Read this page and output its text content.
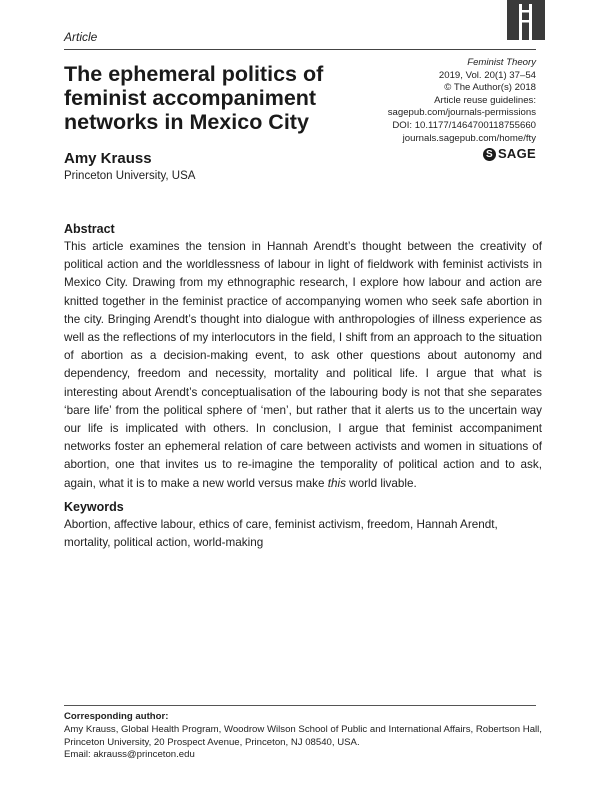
Article
The ephemeral politics of feminist accompaniment networks in Mexico City
Feminist Theory
2019, Vol. 20(1) 37–54
© The Author(s) 2018
Article reuse guidelines:
sagepub.com/journals-permissions
DOI: 10.1177/1464700118755660
journals.sagepub.com/home/fty
S SAGE
Amy Krauss
Princeton University, USA
Abstract

This article examines the tension in Hannah Arendt’s thought between the creativity of political action and the worldlessness of labour in light of fieldwork with feminist activists in Mexico City. Drawing from my ethnographic research, I explore how labour and action are knitted together in the feminist practice of accompanying women who seek safe abortion in the city. Bringing Arendt’s thought into dialogue with anthropologies of illness experience as well as the reflections of my interlocutors in the field, I shift from an approach to the situation of abortion as a decision-making event, to ask other questions about autonomy and dependency, freedom and necessity, mortality and political life. I argue that what is interesting about Arendt’s conceptualisation of the labouring body is not that she separates ‘bare life’ from the political sphere of ‘men’, but rather that it alerts us to the uncertain way our life is implicated with others. In conclusion, I argue that feminist accompaniment networks foster an ephemeral relation of care between activists and women in situations of abortion, one that invites us to re-imagine the temporality of political action and to ask, again, what it is to make a new world versus make this world livable.

Keywords

Abortion, affective labour, ethics of care, feminist activism, freedom, Hannah Arendt, mortality, political action, world-making

Corresponding author:
Amy Krauss, Global Health Program, Woodrow Wilson School of Public and International Affairs, Robertson Hall, Princeton University, 20 Prospect Avenue, Princeton, NJ 08540, USA.
Email: akrauss@princeton.edu
